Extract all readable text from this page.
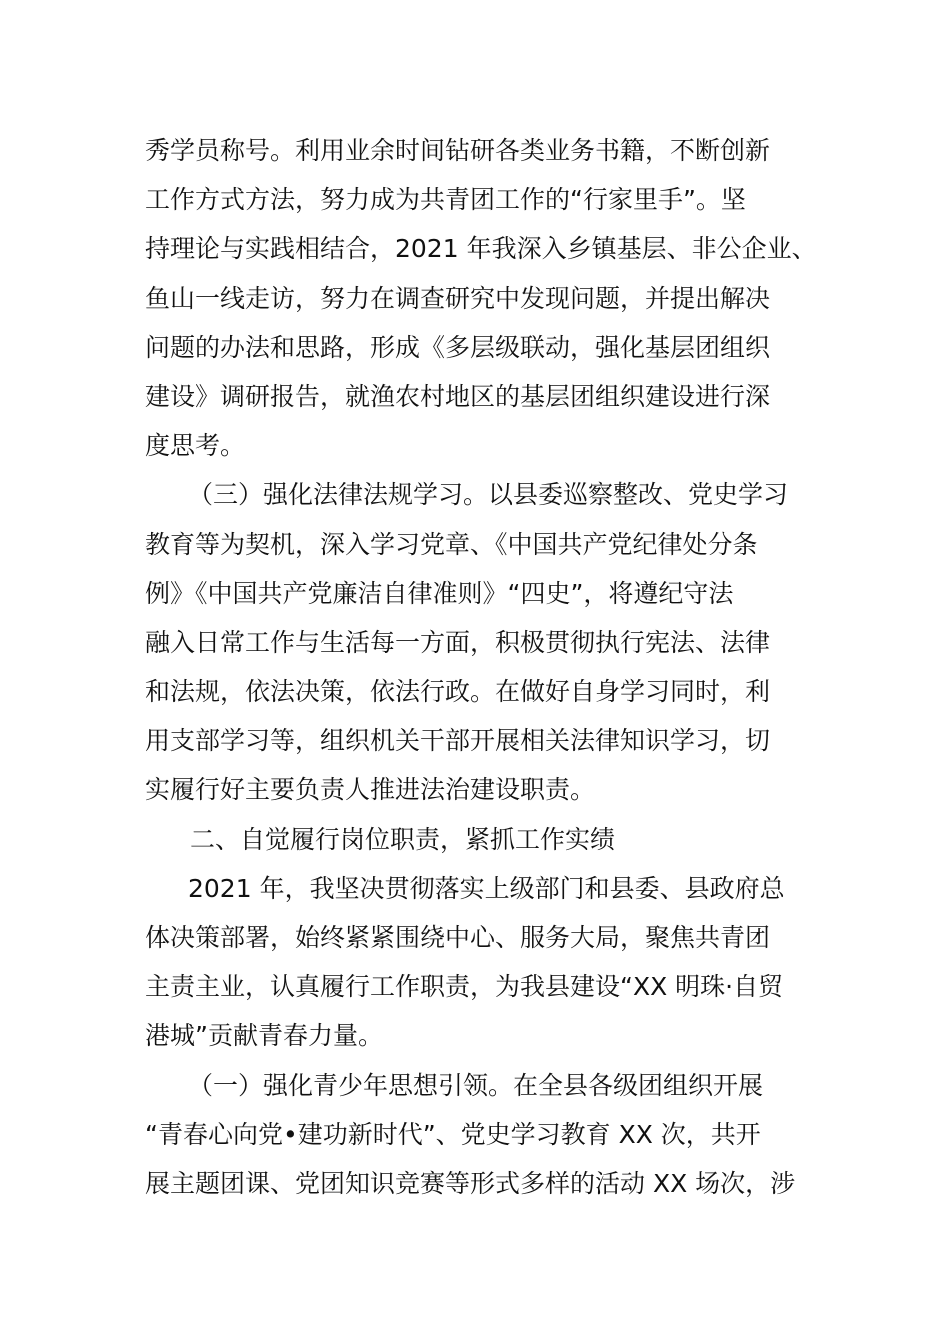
秀学员称号。利用业余时间钻研各类业务书籍，不断创新
工作方式方法，努力成为共青团工作的“行家里手”。坚
持理论与实践相结合，2021 年我深入乡镇基层、非公企业、
鱼山一线走访，努力在调查研究中发现问题，并提出解决
问题的办法和思路，形成《多层级联动，强化基层团组织
建设》调研报告，就渔农村地区的基层团组织建设进行深
度思考。
（三）强化法律法规学习。以县委巡察整改、党史学习
教育等为契机，深入学习党章、《中国共产党纪律处分条
例》《中国共产党廉洁自律准则》“四史”，将遵纪守法
融入日常工作与生活每一方面，积极贯彻执行宪法、法律
和法规，依法决策，依法行政。在做好自身学习同时，利
用支部学习等，组织机关干部开展相关法律知识学习，切
实履行好主要负责人推进法治建设职责。
二、自觉履行岗位职责，紧抓工作实绩
2021 年，我坚决贯彻落实上级部门和县委、县政府总
体决策部署，始终紧紧围绕中心、服务大局，聚焦共青团
主责主业，认真履行工作职责，为我县建设“XX 明珠·自贸
港城”贡献青春力量。
（一）强化青少年思想引领。在全县各级团组织开展
“青春心向党•建功新时代”、党史学习教育 XX 次，共开
展主题团课、党团知识竞赛等形式多样的活动 XX 场次，涉
